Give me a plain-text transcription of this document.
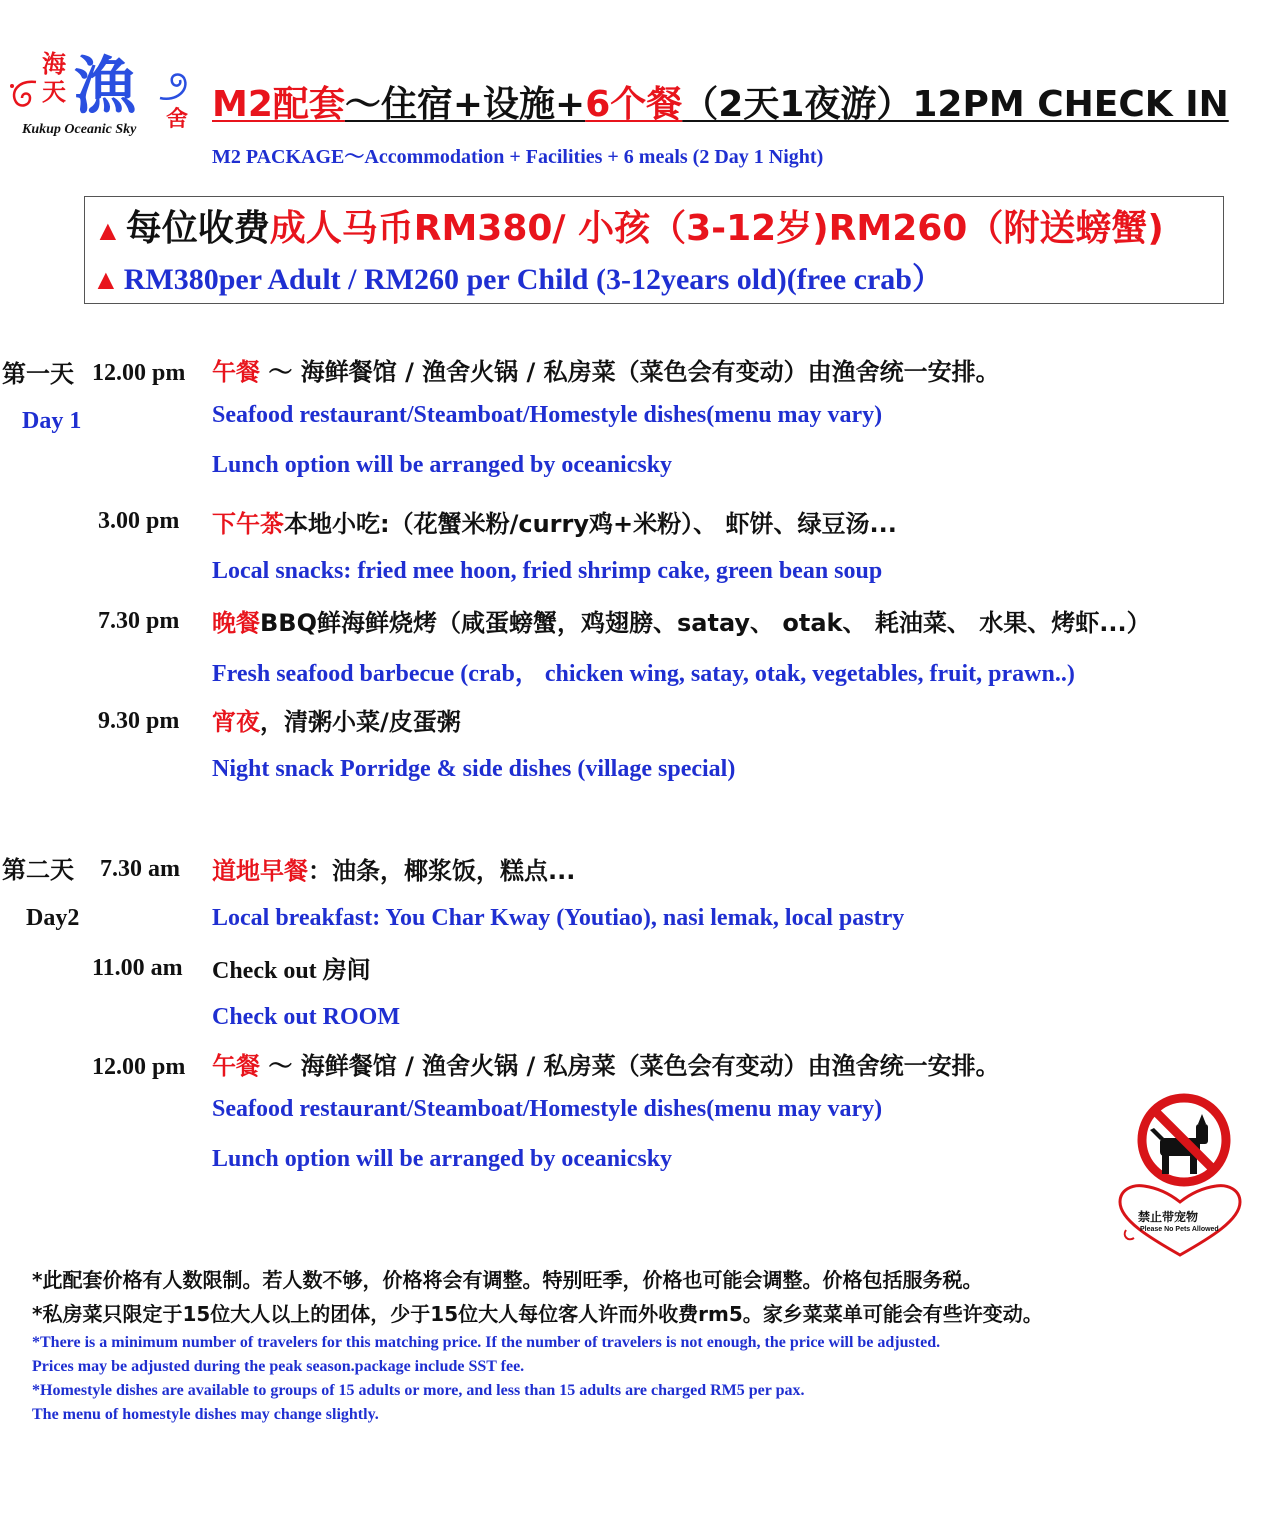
海
天 漁 舍
Kukup Oceanic Sky
M2配套～住宿+设施+6个餐（2天1夜游）12PM CHECK IN
M2 PACKAGE～Accommodation + Facilities + 6 meals (2 Day 1 Night)
▲ 每位收费成人马币RM380/ 小孩（3-12岁)RM260（附送螃蟹)
▲ RM380per Adult / RM260 per Child (3-12years old)(free crab）
第一天
Day 1
12.00 pm 午餐 ～ 海鲜餐馆 / 渔舍火锅 / 私房菜（菜色会有变动）由渔舍统一安排。
Seafood restaurant/Steamboat/Homestyle dishes(menu may vary)
Lunch option will be arranged by oceanicsky
3.00 pm 下午茶本地小吃:（花蟹米粉/curry鸡+米粉）、 虾饼、绿豆汤...
Local snacks: fried mee hoon, fried shrimp cake, green bean soup
7.30 pm 晚餐BBQ鲜海鲜烧烤（咸蛋螃蟹，鸡翅膀、satay、 otak、 耗油菜、 水果、烤虾...）
Fresh seafood barbecue (crab， chicken wing, satay, otak, vegetables, fruit, prawn..)
9.30 pm 宵夜，清粥小菜/皮蛋粥
Night snack Porridge & side dishes (village special)
第二天
Day2
7.30 am 道地早餐：油条，椰浆饭，糕点...
Local breakfast: You Char Kway (Youtiao), nasi lemak, local pastry
11.00 am Check out 房间
Check out ROOM
12.00 pm 午餐 ～ 海鲜餐馆 / 渔舍火锅 / 私房菜（菜色会有变动）由渔舍统一安排。
Seafood restaurant/Steamboat/Homestyle dishes(menu may vary)
Lunch option will be arranged by oceanicsky
禁止带宠物
Please No Pets Allowed
*此配套价格有人数限制。若人数不够，价格将会有调整。特别旺季，价格也可能会调整。价格包括服务税。
*私房菜只限定于15位大人以上的团体，少于15位大人每位客人许而外收费rm5。家乡菜菜单可能会有些许变动。
*There is a minimum number of travelers for this matching price. If the number of travelers is not enough, the price will be adjusted.
Prices may be adjusted during the peak season.package include SST fee.
*Homestyle dishes are available to groups of 15 adults or more, and less than 15 adults are charged RM5 per pax.
The menu of homestyle dishes may change slightly.
